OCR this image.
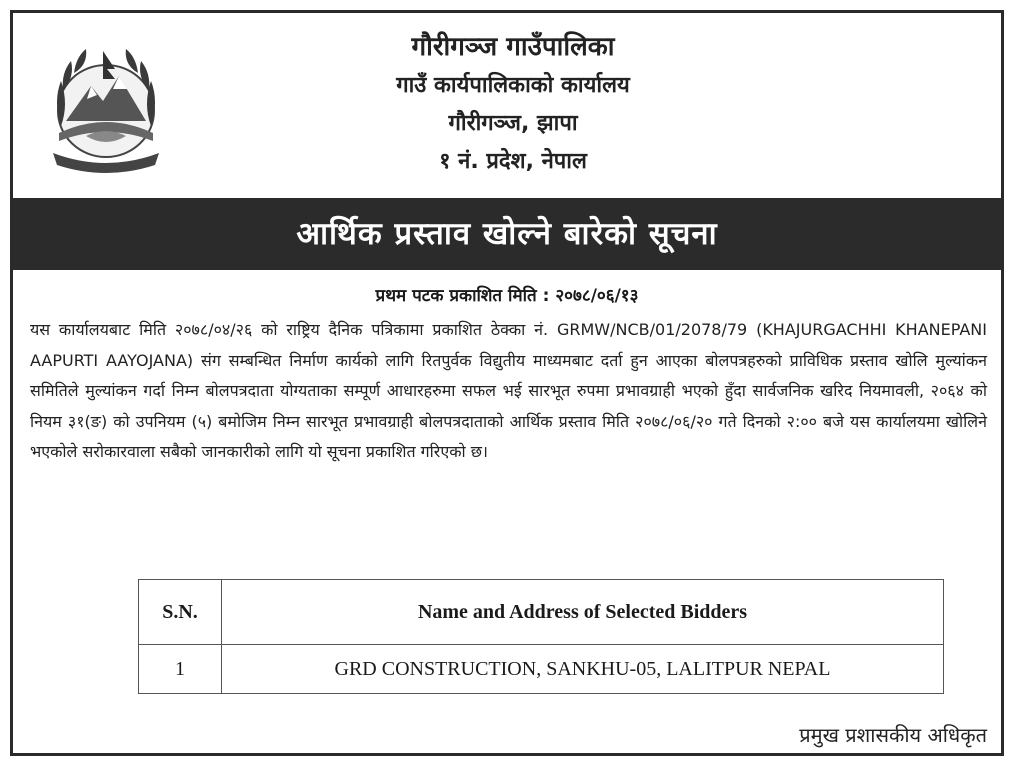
गौरीगञ्ज गाउँपालिका
गाउँ कार्यपालिकाको कार्यालय
गौरीगञ्ज, झापा
१ नं. प्रदेश, नेपाल
आर्थिक प्रस्ताव खोल्ने बारेको सूचना
प्रथम पटक प्रकाशित मिति : २०७८/०६/१३
यस कार्यालयबाट मिति २०७८/०४/२६ को राष्ट्रिय दैनिक पत्रिकामा प्रकाशित ठेक्का नं. GRMW/NCB/01/2078/79 (KHAJURGACHHI KHANEPANI AAPURTI AAYOJANA) संग सम्बन्धित निर्माण कार्यको लागि रितपुर्वक विद्युतीय माध्यमबाट दर्ता हुन आएका बोलपत्रहरुको प्राविधिक प्रस्ताव खोलि मुल्यांकन समितिले मुल्यांकन गर्दा निम्न बोलपत्रदाता योग्यताका सम्पूर्ण आधारहरुमा सफल भई सारभूत रुपमा प्रभावग्राही भएको हुँदा सार्वजनिक खरिद नियमावली, २०६४ को नियम ३१(ङ) को उपनियम (५) बमोजिम निम्न सारभूत प्रभावग्राही बोलपत्रदाताको आर्थिक प्रस्ताव मिति २०७८/०६/२० गते दिनको २:०० बजे यस कार्यालयमा खोलिने भएकोले सरोकारवाला सबैको जानकारीको लागि यो सूचना प्रकाशित गरिएको छ।
S.N.	Name and Address of Selected Bidders
1	GRD CONSTRUCTION, SANKHU-05, LALITPUR NEPAL
प्रमुख प्रशासकीय अधिकृत
